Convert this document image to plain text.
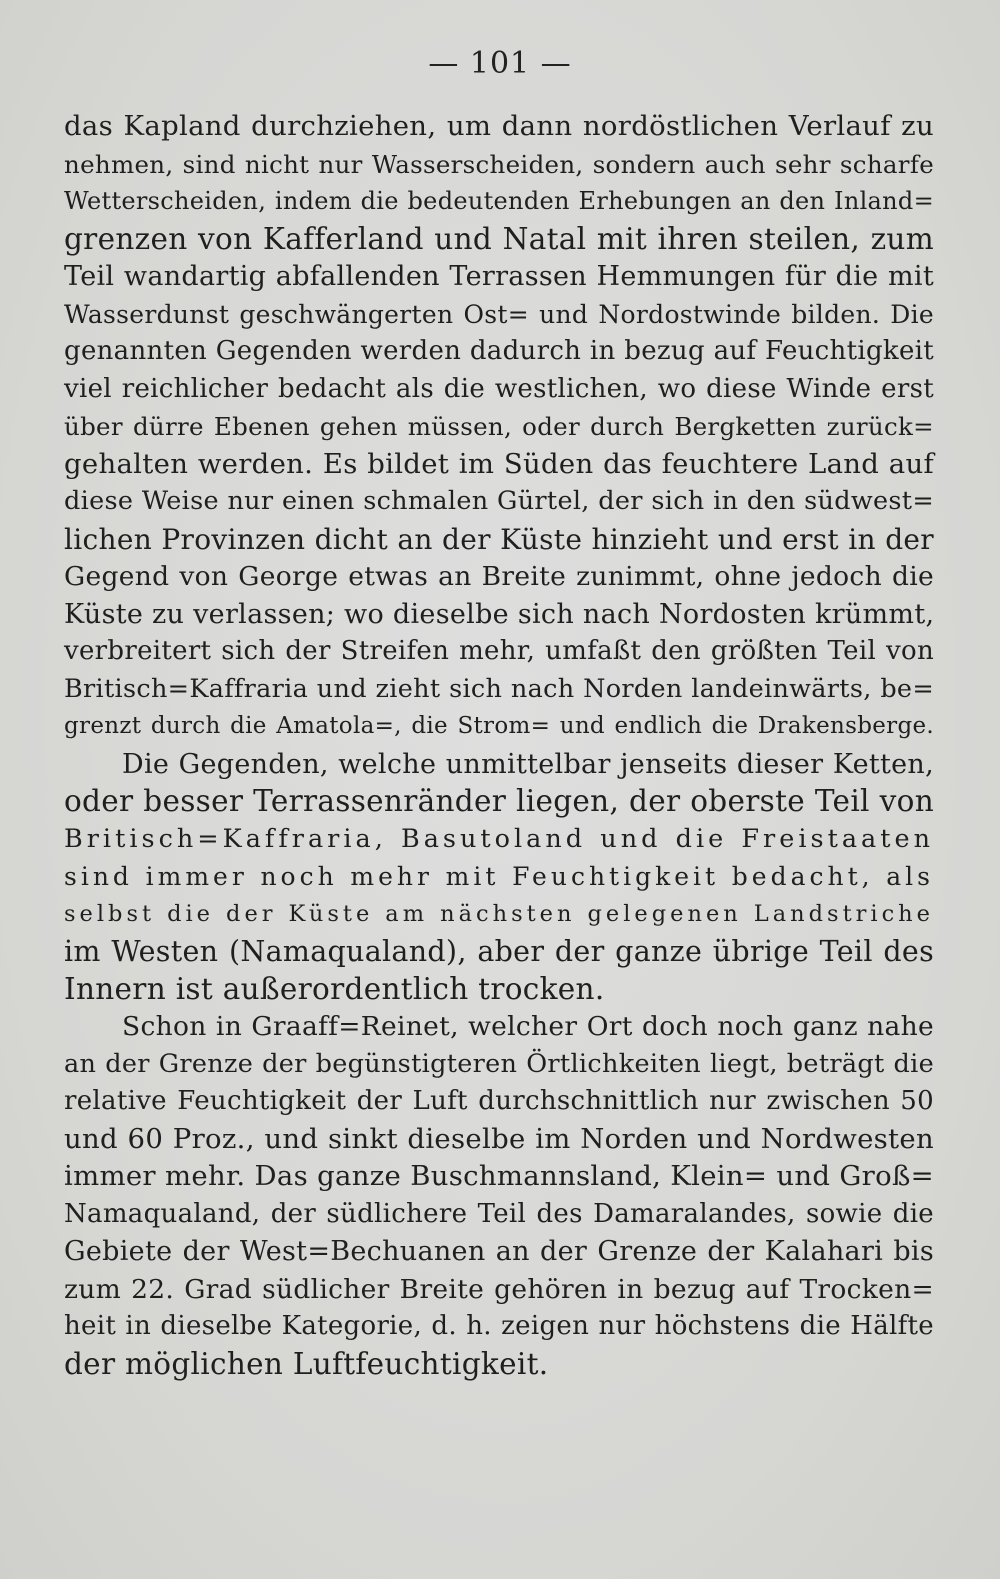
— 101 —
das Kapland durchziehen, um dann nordöstlichen Verlauf zu
nehmen, sind nicht nur Wasserscheiden, sondern auch sehr scharfe
Wetterscheiden, indem die bedeutenden Erhebungen an den Inland=
grenzen von Kafferland und Natal mit ihren steilen, zum
Teil wandartig abfallenden Terrassen Hemmungen für die mit
Wasserdunst geschwängerten Ost= und Nordostwinde bilden. Die
genannten Gegenden werden dadurch in bezug auf Feuchtigkeit
viel reichlicher bedacht als die westlichen, wo diese Winde erst
über dürre Ebenen gehen müssen, oder durch Bergketten zurück=
gehalten werden. Es bildet im Süden das feuchtere Land auf
diese Weise nur einen schmalen Gürtel, der sich in den südwest=
lichen Provinzen dicht an der Küste hinzieht und erst in der
Gegend von George etwas an Breite zunimmt, ohne jedoch die
Küste zu verlassen; wo dieselbe sich nach Nordosten krümmt,
verbreitert sich der Streifen mehr, umfaßt den größten Teil von
Britisch=Kaffraria und zieht sich nach Norden landeinwärts, be=
grenzt durch die Amatola=, die Strom= und endlich die Drakensberge.
Die Gegenden, welche unmittelbar jenseits dieser Ketten,
oder besser Terrassenränder liegen, der oberste Teil von
Britisch=Kaffraria, Basutoland und die Freistaaten
sind immer noch mehr mit Feuchtigkeit bedacht, als
selbst die der Küste am nächsten gelegenen Landstriche
im Westen (Namaqualand), aber der ganze übrige Teil des
Innern ist außerordentlich trocken.
Schon in Graaff=Reinet, welcher Ort doch noch ganz nahe
an der Grenze der begünstigteren Örtlichkeiten liegt, beträgt die
relative Feuchtigkeit der Luft durchschnittlich nur zwischen 50
und 60 Proz., und sinkt dieselbe im Norden und Nordwesten
immer mehr. Das ganze Buschmannsland, Klein= und Groß=
Namaqualand, der südlichere Teil des Damaralandes, sowie die
Gebiete der West=Bechuanen an der Grenze der Kalahari bis
zum 22. Grad südlicher Breite gehören in bezug auf Trocken=
heit in dieselbe Kategorie, d. h. zeigen nur höchstens die Hälfte
der möglichen Luftfeuchtigkeit.
